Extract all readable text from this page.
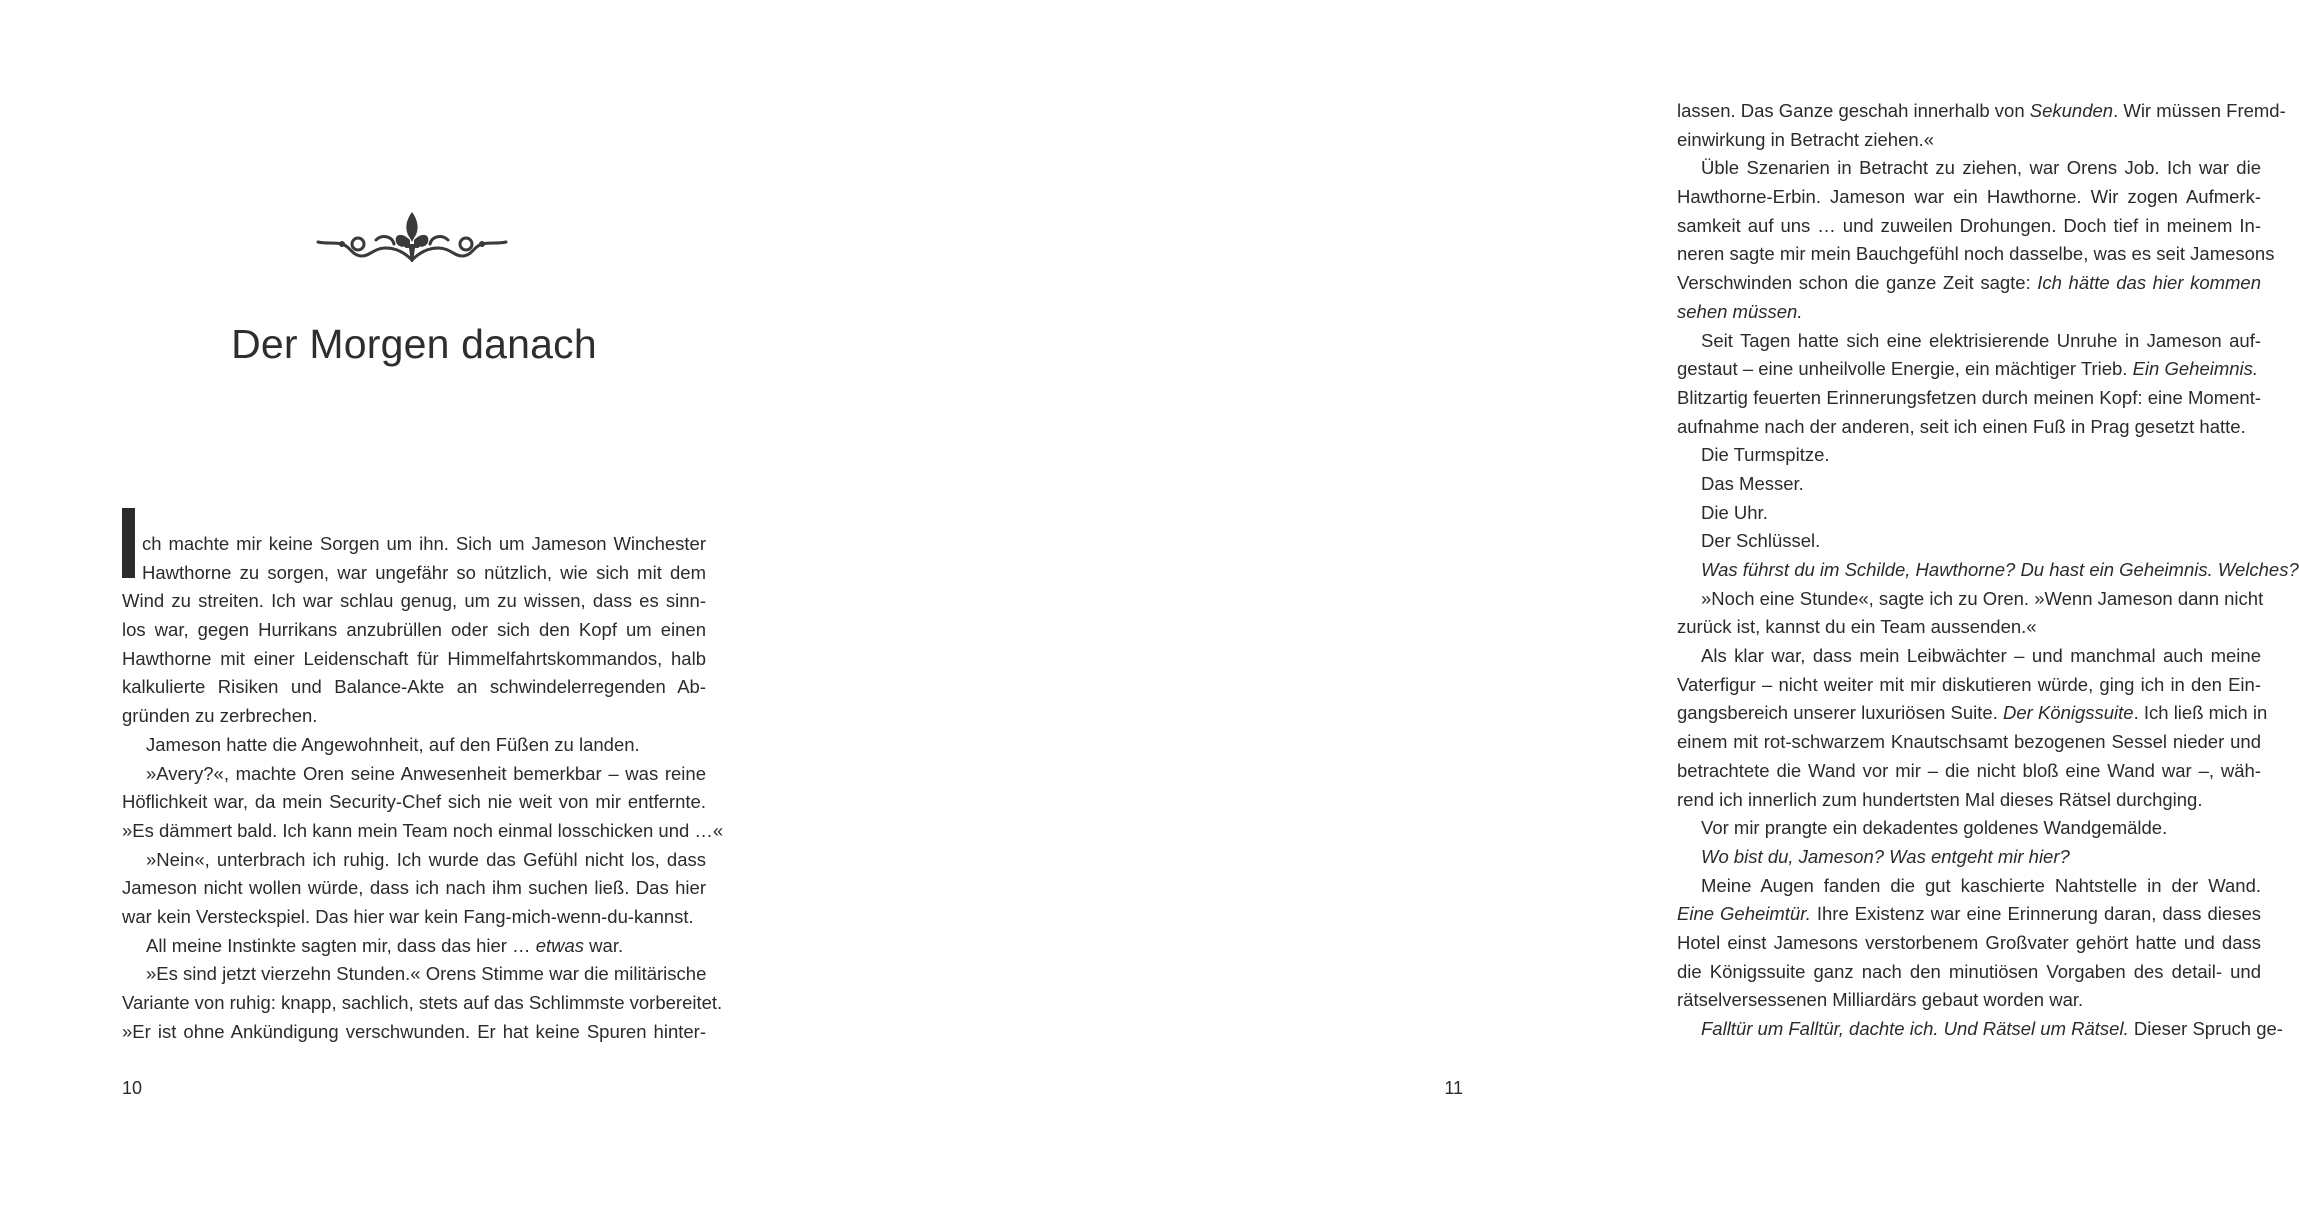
Der Morgen danach
ch machte mir keine Sorgen um ihn. Sich um Jameson Winchester
Hawthorne zu sorgen, war ungefähr so nützlich, wie sich mit dem
Wind zu streiten. Ich war schlau genug, um zu wissen, dass es sinn-
los war, gegen Hurrikans anzubrüllen oder sich den Kopf um einen
Hawthorne mit einer Leidenschaft für Himmelfahrtskommandos, halb
kalkulierte Risiken und Balance-Akte an schwindelerregenden Ab-
gründen zu zerbrechen.
Jameson hatte die Angewohnheit, auf den Füßen zu landen.
»Avery?«, machte Oren seine Anwesenheit bemerkbar – was reine
Höflichkeit war, da mein Security-Chef sich nie weit von mir entfernte.
»Es dämmert bald. Ich kann mein Team noch einmal losschicken und …«
»Nein«, unterbrach ich ruhig. Ich wurde das Gefühl nicht los, dass
Jameson nicht wollen würde, dass ich nach ihm suchen ließ. Das hier
war kein Versteckspiel. Das hier war kein Fang-mich-wenn-du-kannst.
All meine Instinkte sagten mir, dass das hier … etwas war.
»Es sind jetzt vierzehn Stunden.« Orens Stimme war die militärische
Variante von ruhig: knapp, sachlich, stets auf das Schlimmste vorbereitet.
»Er ist ohne Ankündigung verschwunden. Er hat keine Spuren hinter-
10
lassen. Das Ganze geschah innerhalb von Sekunden. Wir müssen Fremd-
einwirkung in Betracht ziehen.«
Üble Szenarien in Betracht zu ziehen, war Orens Job. Ich war die
Hawthorne-Erbin. Jameson war ein Hawthorne. Wir zogen Aufmerk-
samkeit auf uns … und zuweilen Drohungen. Doch tief in meinem In-
neren sagte mir mein Bauchgefühl noch dasselbe, was es seit Jamesons
Verschwinden schon die ganze Zeit sagte: Ich hätte das hier kommen
sehen müssen.
Seit Tagen hatte sich eine elektrisierende Unruhe in Jameson auf-
gestaut – eine unheilvolle Energie, ein mächtiger Trieb. Ein Geheimnis.
Blitzartig feuerten Erinnerungsfetzen durch meinen Kopf: eine Moment-
aufnahme nach der anderen, seit ich einen Fuß in Prag gesetzt hatte.
Die Turmspitze.
Das Messer.
Die Uhr.
Der Schlüssel.
Was führst du im Schilde, Hawthorne? Du hast ein Geheimnis. Welches?
»Noch eine Stunde«, sagte ich zu Oren. »Wenn Jameson dann nicht
zurück ist, kannst du ein Team aussenden.«
Als klar war, dass mein Leibwächter – und manchmal auch meine
Vaterfigur – nicht weiter mit mir diskutieren würde, ging ich in den Ein-
gangsbereich unserer luxuriösen Suite. Der Königssuite. Ich ließ mich in
einem mit rot-schwarzem Knautschsamt bezogenen Sessel nieder und
betrachtete die Wand vor mir – die nicht bloß eine Wand war –, wäh-
rend ich innerlich zum hundertsten Mal dieses Rätsel durchging.
Vor mir prangte ein dekadentes goldenes Wandgemälde.
Wo bist du, Jameson? Was entgeht mir hier?
Meine Augen fanden die gut kaschierte Nahtstelle in der Wand.
Eine Geheimtür. Ihre Existenz war eine Erinnerung daran, dass dieses
Hotel einst Jamesons verstorbenem Großvater gehört hatte und dass
die Königssuite ganz nach den minutiösen Vorgaben des detail- und
rätselversessenen Milliardärs gebaut worden war.
Falltür um Falltür, dachte ich. Und Rätsel um Rätsel. Dieser Spruch ge-
11
